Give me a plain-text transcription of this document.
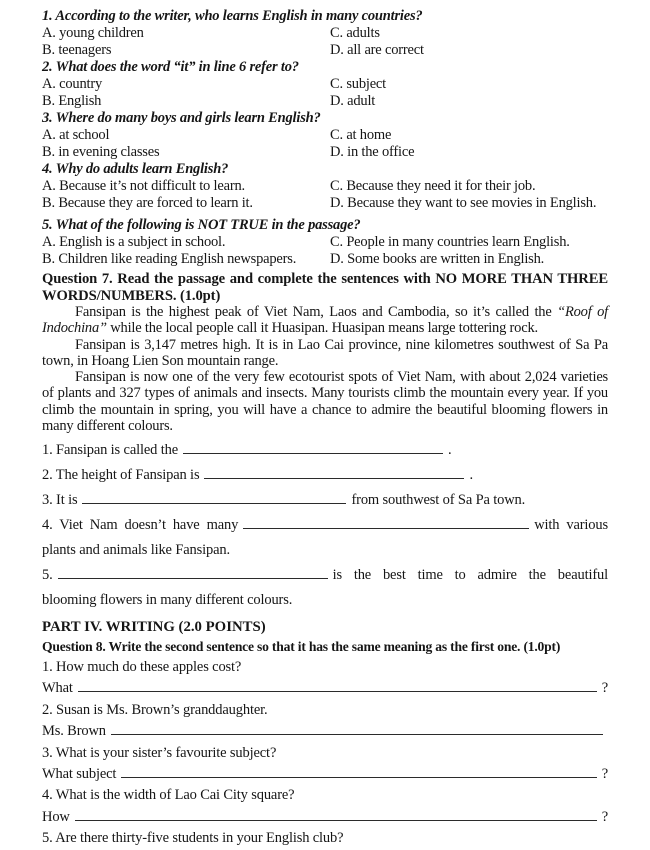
1. According to the writer, who learns English in many countries?
A. young children	C. adults
B. teenagers	D. all are correct
2. What does the word “it” in line 6 refer to?
A. country	C. subject
B. English	D. adult
3. Where do many boys and girls learn English?
A. at school	C. at home
B. in evening classes	D. in the office
4. Why do adults learn English?
A. Because it’s not difficult to learn.	C. Because they need it for their job.
B. Because they are forced to learn it.	D. Because they want to see movies in English.
5. What of the following is NOT TRUE in the passage?
A. English is a subject in school.	C. People in many countries learn English.
B. Children like reading English newspapers.	D. Some books are written in English.
Question 7. Read the passage and complete the sentences with NO MORE THAN THREE WORDS/NUMBERS. (1.0pt)

Fansipan is the highest peak of Viet Nam, Laos and Cambodia, so it’s called the “Roof of Indochina” while the local people call it Huasipan. Huasipan means large tottering rock.

Fansipan is 3,147 metres high. It is in Lao Cai province, nine kilometres southwest of Sa Pa town, in Hoang Lien Son mountain range.

Fansipan is now one of the very few ecotourist spots of Viet Nam, with about 2,024 varieties of plants and 327 types of animals and insects. Many tourists climb the mountain every year. If you climb the mountain in spring, you will have a chance to admire the beautiful blooming flowers in many different colours.

1. Fansipan is called the	.
2. The height of Fansipan is	.
3. It is	from southwest of Sa Pa town.
4. Viet Nam doesn’t have many	with various
plants and animals like Fansipan.
5.	is the best time to admire the beautiful
blooming flowers in many different colours.
PART IV. WRITING (2.0 POINTS)
Question 8. Write the second sentence so that it has the same meaning as the first one. (1.0pt)
1. How much do these apples cost?
What	?
2. Susan is Ms. Brown’s granddaughter.
Ms. Brown
3. What is your sister’s favourite subject?
What subject	?
4. What is the width of Lao Cai City square?
How	?
5. Are there thirty-five students in your English club?
